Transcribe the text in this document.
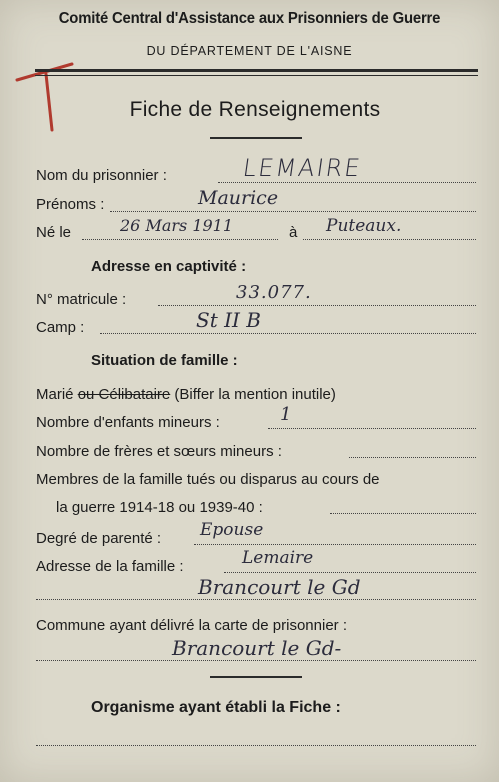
Comité Central d'Assistance aux Prisonniers de Guerre
DU DÉPARTEMENT DE L'AISNE
Fiche de Renseignements
Nom du prisonnier :	LEMAIRE
Prénoms :	Maurice
Né le	26 Mars 1911	à Puteaux.
Adresse en captivité :
N° matricule :	33.077.
Camp :	St II B
Situation de famille :
Marié ou Célibataire (Biffer la mention inutile)
Nombre d'enfants mineurs :	1
Nombre de frères et sœurs mineurs :
Membres de la famille tués ou disparus au cours de
la guerre 1914-18 ou 1939-40 :
Degré de parenté : Epouse
Adresse de la famille :	Lemaire
Brancourt le Gd
Commune ayant délivré la carte de prisonnier :
Brancourt le Gd-
Organisme ayant établi la Fiche :
